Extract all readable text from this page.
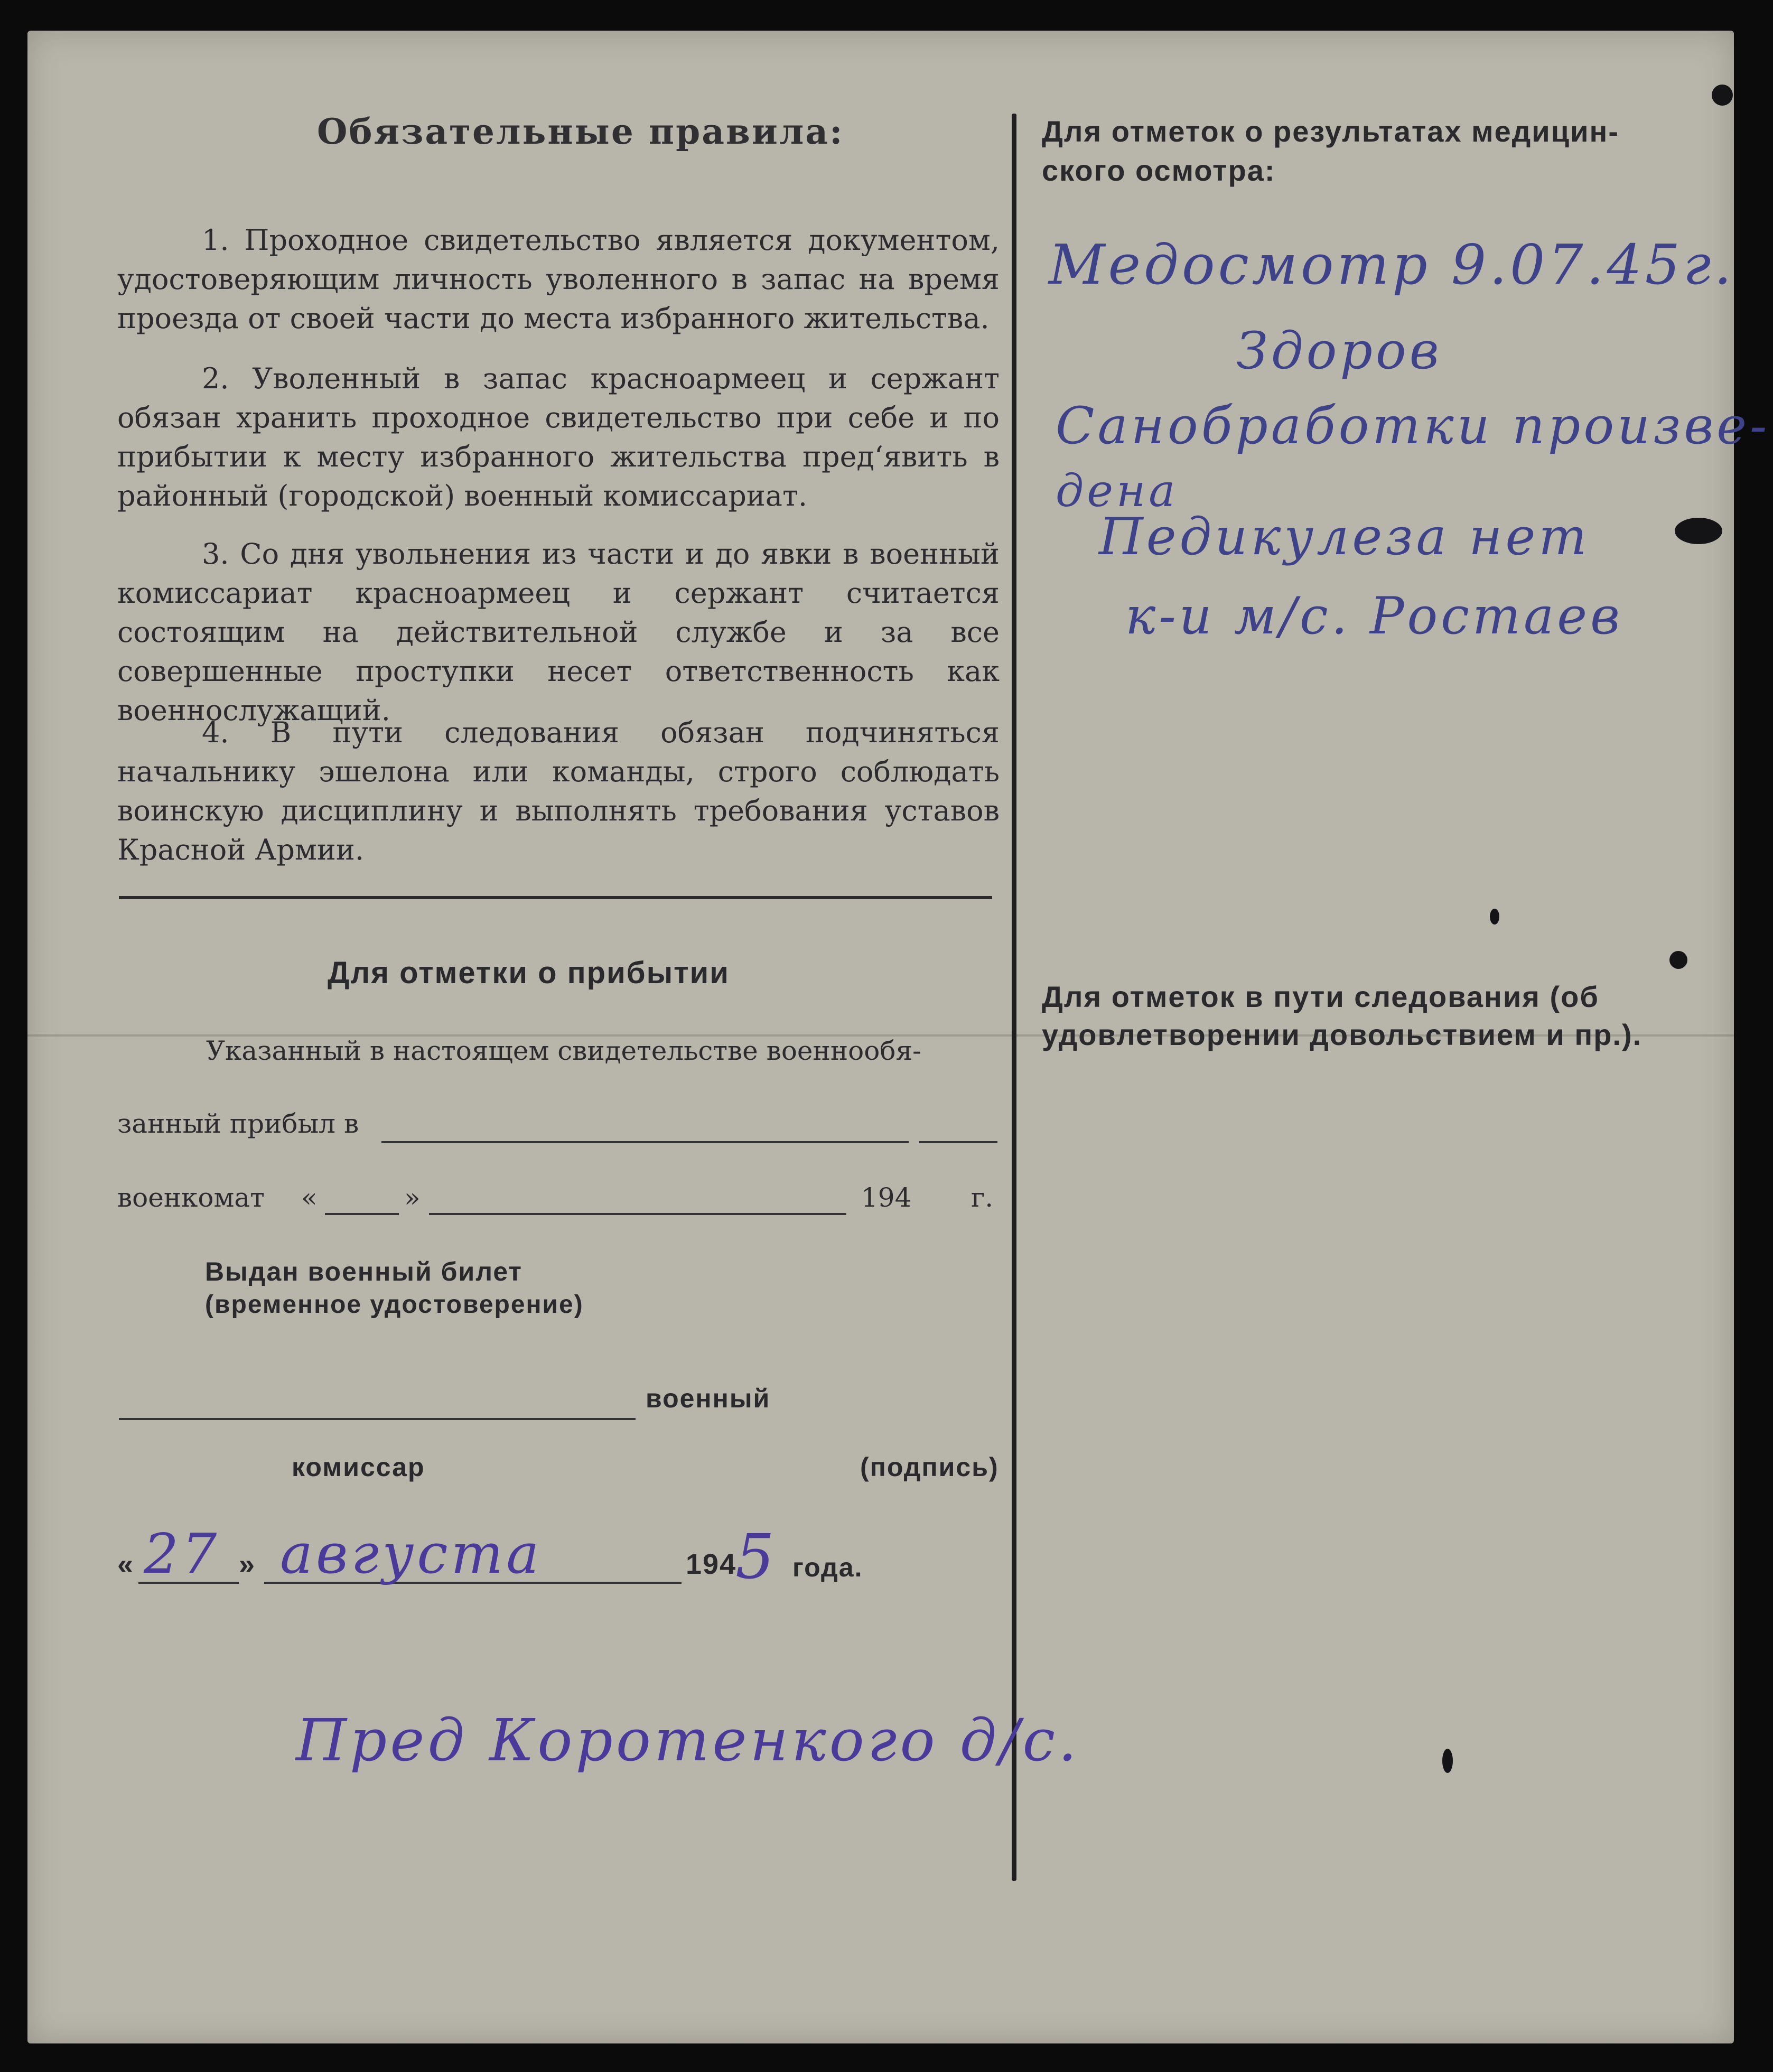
Обязательные правила:
1. Проходное свидетельство является документом, удостоверяющим личность уволенного в запас на время проезда от своей части до места избранного жительства.
2. Уволенный в запас красноармеец и сержант обязан хранить проходное свидетельство при себе и по прибытии к месту избранного жительства пред‘явить в районный (городской) военный комиссариат.
3. Со дня увольнения из части и до явки в военный комиссариат красноармеец и сержант считается состоящим на действительной службе и за все совершенные проступки несет ответственность как военнослужащий.
4. В пути следования обязан подчиняться начальнику эшелона или команды, строго соблюдать воинскую дисциплину и выполнять требования уставов Красной Армии.
Для отметки о прибытии
Указанный в настоящем свидетельстве военнообя-
занный прибыл в
военкомат «	»	194 г.
Выдан военный билет
(временное удостоверение)
военный
комиссар	(подпись)
«	»	194 года.
27 августа	5
Пред Коротенкого д/с.
Для отметок о результатах медицин-
ского осмотра:
Медосмотр 9.07.45г.
Здоров
Санобработки произве-
дена
Педикулеза нет
к-и м/с. Ростаев
Для отметок в пути следования (об
удовлетворении довольствием и пр.).
